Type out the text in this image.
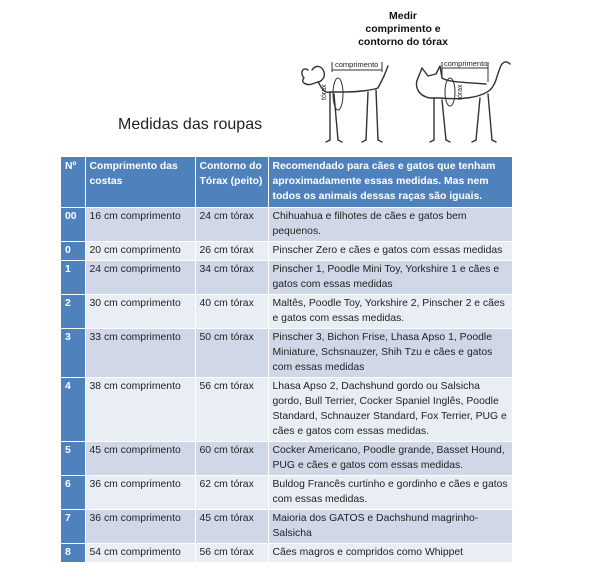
Medidas das roupas
Medir
comprimento e
contorno do tórax
comprimento
tórax
comprimento
tórax
Nº	Comprimento das costas	Contorno do Tórax (peito)	Recomendado para cães e gatos que tenham aproximadamente essas medidas. Mas nem todos os animais dessas raças são iguais.
00	16 cm comprimento	24 cm tórax	Chihuahua e filhotes de cães e gatos bem pequenos.
0	20 cm comprimento	26 cm tórax	Pinscher Zero e cães e gatos com essas medidas
1	24 cm comprimento	34 cm tórax	Pinscher 1, Poodle Mini Toy, Yorkshire 1 e cães e gatos com essas medidas
2	30 cm comprimento	40 cm tórax	Maltês, Poodle Toy, Yorkshire 2, Pinscher 2 e cães e gatos com essas medidas.
3	33 cm comprimento	50 cm tórax	Pinscher 3, Bichon Frise, Lhasa Apso 1, Poodle Miniature, Schsnauzer, Shih Tzu e cães e gatos com essas medidas
4	38 cm comprimento	56 cm tórax	Lhasa Apso 2, Dachshund gordo ou Salsicha gordo, Bull Terrier, Cocker Spaniel Inglês, Poodle Standard, Schnauzer Standard, Fox Terrier, PUG e cães e gatos com essas medidas.
5	45 cm comprimento	60 cm tórax	Cocker Americano, Poodle grande, Basset Hound, PUG e cães e gatos com essas medidas.
6	36 cm comprimento	62 cm tórax	Buldog Francês curtinho e gordinho e cães e gatos com essas medidas.
7	36 cm comprimento	45 cm tórax	Maioria dos GATOS e Dachshund magrinho-Salsicha
8	54 cm comprimento	56 cm tórax	Cães magros e compridos como Whippet
